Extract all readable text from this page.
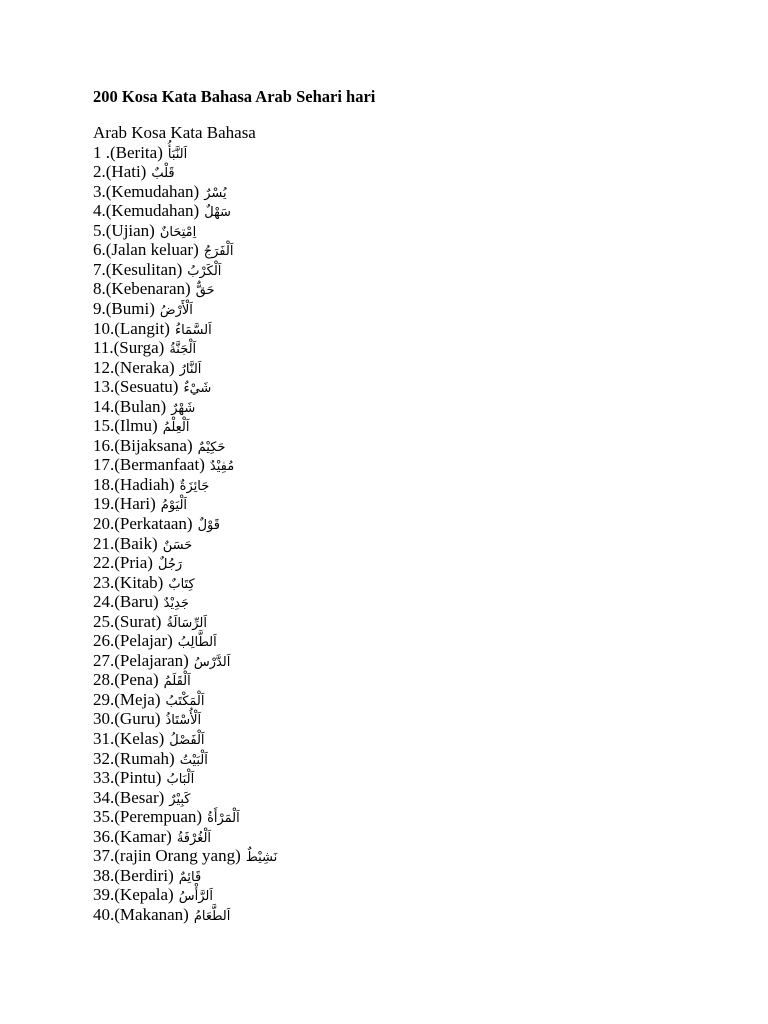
200 Kosa Kata Bahasa Arab Sehari hari
Arab Kosa Kata Bahasa
1 .(Berita) اَلنَّبَأُ
2.(Hati) قَلْبٌ
3.(Kemudahan) يُسْرٌ
4.(Kemudahan) سَهْلٌ
5.(Ujian) اِمْتِحَانٌ
6.(Jalan keluar) اَلْفَرَجُ
7.(Kesulitan) اَلْكَرْبُ
8.(Kebenaran) حَقٌّ
9.(Bumi) اَلْأَرْضُ
10.(Langit) اَلسَّمَاءُ
11.(Surga) اَلْجَنَّةُ
12.(Neraka) اَلنَّارُ
13.(Sesuatu) شَيْءٌ
14.(Bulan) شَهْرٌ
15.(Ilmu) اَلْعِلْمُ
16.(Bijaksana) حَكِيْمٌ
17.(Bermanfaat) مُفِيْدٌ
18.(Hadiah) جَائِزَةٌ
19.(Hari) اَلْيَوْمُ
20.(Perkataan) قَوْلٌ
21.(Baik) حَسَنٌ
22.(Pria) رَجُلٌ
23.(Kitab) كِتَابٌ
24.(Baru) جَدِيْدٌ
25.(Surat) اَلرِّسَالَةُ
26.(Pelajar) اَلطَّالِبُ
27.(Pelajaran) اَلدَّرْسُ
28.(Pena) اَلْقَلَمُ
29.(Meja) اَلْمَكْتَبُ
30.(Guru) اَلْأُسْتَاذُ
31.(Kelas) اَلْفَصْلُ
32.(Rumah) اَلْبَيْتُ
33.(Pintu) اَلْبَابُ
34.(Besar) كَبِيْرٌ
35.(Perempuan) اَلْمَرْأَةُ
36.(Kamar) اَلْغُرْفَةُ
37.(rajin Orang yang) نَشِيْطٌ
38.(Berdiri) قَائِمٌ
39.(Kepala) اَلرَّأْسُ
40.(Makanan) اَلطَّعَامُ
